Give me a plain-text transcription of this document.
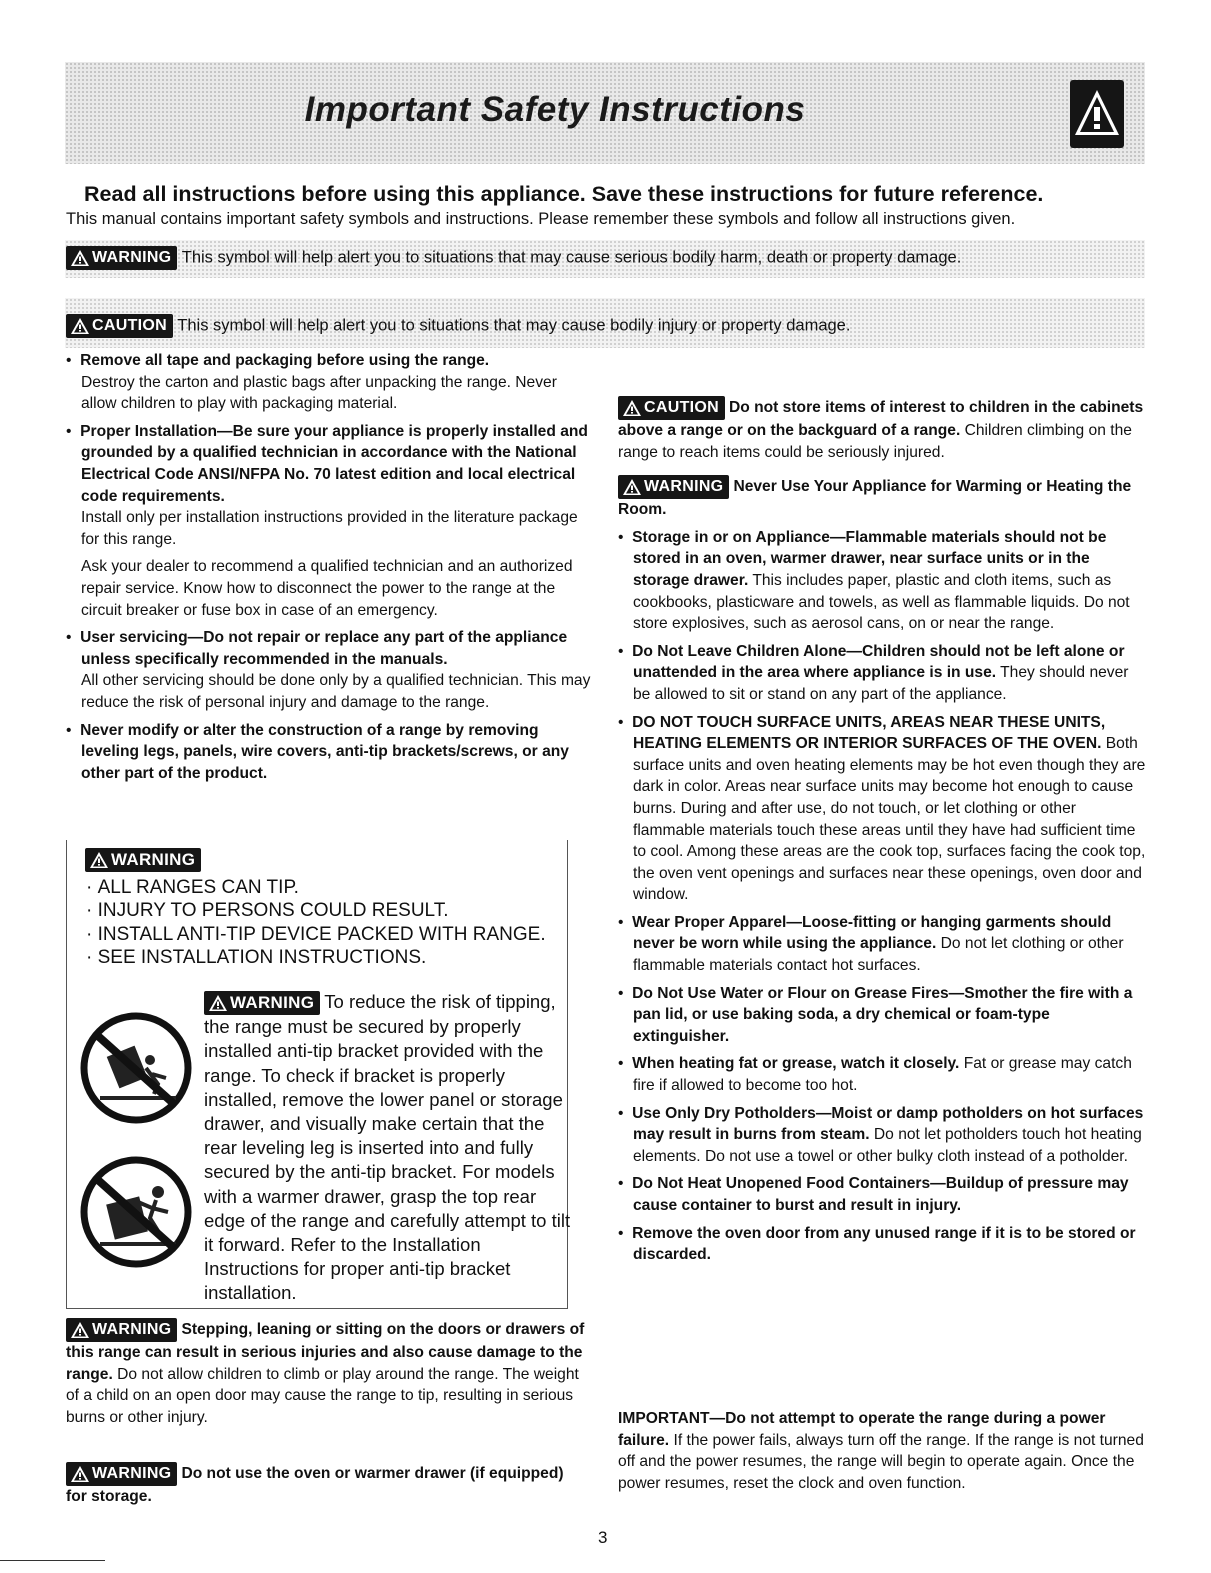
Important Safety Instructions
Read all instructions before using this appliance. Save these instructions for future reference.
This manual contains important safety symbols and instructions. Please remember these symbols and follow all instructions given.
WARNING This symbol will help alert you to situations that may cause serious bodily harm, death or property damage.
CAUTION This symbol will help alert you to situations that may cause bodily injury or property damage.
•  Remove all tape and packaging before using the range.
Destroy the carton and plastic bags after unpacking the range. Never allow children to play with packaging material.
•  Proper Installation—Be sure your appliance is properly installed and grounded by a qualified technician in accordance with the National Electrical Code ANSI/NFPA No. 70 latest edition and local electrical code requirements.
Install only per installation instructions provided in the literature package for this range.
Ask your dealer to recommend a qualified technician and an authorized repair service. Know how to disconnect the power to the range at the circuit breaker or fuse box in case of an emergency.
•  User servicing—Do not repair or replace any part of the appliance unless specifically recommended in the manuals.
All other servicing should be done only by a qualified technician. This may reduce the risk of personal injury and damage to the range.
•  Never modify or alter the construction of a range by removing leveling legs, panels, wire covers, anti-tip brackets/screws, or any other part of the product.
WARNING
· ALL RANGES CAN TIP.
· INJURY TO PERSONS COULD RESULT.
· INSTALL ANTI-TIP DEVICE PACKED WITH RANGE.
· SEE INSTALLATION INSTRUCTIONS.
WARNING To reduce the risk of tipping, the range must be secured by properly installed anti-tip bracket provided with the range. To check if bracket is properly installed, remove the lower panel or storage drawer, and visually make certain that the rear leveling leg is inserted into and fully secured by the anti-tip bracket. For models with a warmer drawer, grasp the top rear edge of the range and carefully attempt to tilt it forward. Refer to the Installation Instructions for proper anti-tip bracket installation.
WARNING Stepping, leaning or sitting on the doors or drawers of this range can result in serious injuries and also cause damage to the range. Do not allow children to climb or play around the range. The weight of a child on an open door may cause the range to tip, resulting in serious burns or other injury.
WARNING Do not use the oven or warmer drawer (if equipped) for storage.

CAUTION Do not store items of interest to children in the cabinets above a range or on the backguard of a range. Children climbing on the range to reach items could be seriously injured.

WARNING Never Use Your Appliance for Warming or Heating the Room.

•  Storage in or on Appliance—Flammable materials should not be stored in an oven, warmer drawer, near surface units or in the storage drawer. This includes paper, plastic and cloth items, such as cookbooks, plasticware and towels, as well as flammable liquids. Do not store explosives, such as aerosol cans, on or near the range.
•  Do Not Leave Children Alone—Children should not be left alone or unattended in the area where appliance is in use. They should never be allowed to sit or stand on any part of the appliance.
•  DO NOT TOUCH SURFACE UNITS, AREAS NEAR THESE UNITS, HEATING ELEMENTS OR INTERIOR SURFACES OF THE OVEN. Both surface units and oven heating elements may be hot even though they are dark in color. Areas near surface units may become hot enough to cause burns. During and after use, do not touch, or let clothing or other flammable materials touch these areas until they have had sufficient time to cool. Among these areas are the cook top, surfaces facing the cook top, the oven vent openings and surfaces near these openings, oven door and window.
•  Wear Proper Apparel—Loose-fitting or hanging garments should never be worn while using the appliance. Do not let clothing or other flammable materials contact hot surfaces.
•  Do Not Use Water or Flour on Grease Fires—Smother the fire with a pan lid, or use baking soda, a dry chemical or foam-type extinguisher.
•  When heating fat or grease, watch it closely. Fat or grease may catch fire if allowed to become too hot.
•  Use Only Dry Potholders—Moist or damp potholders on hot surfaces may result in burns from steam. Do not let potholders touch hot heating elements. Do not use a towel or other bulky cloth instead of a potholder.
•  Do Not Heat Unopened Food Containers—Buildup of pressure may cause container to burst and result in injury.
•  Remove the oven door from any unused range if it is to be stored or discarded.
IMPORTANT—Do not attempt to operate the range during a power failure. If the power fails, always turn off the range. If the range is not turned off and the power resumes, the range will begin to operate again. Once the power resumes, reset the clock and oven function.
3
